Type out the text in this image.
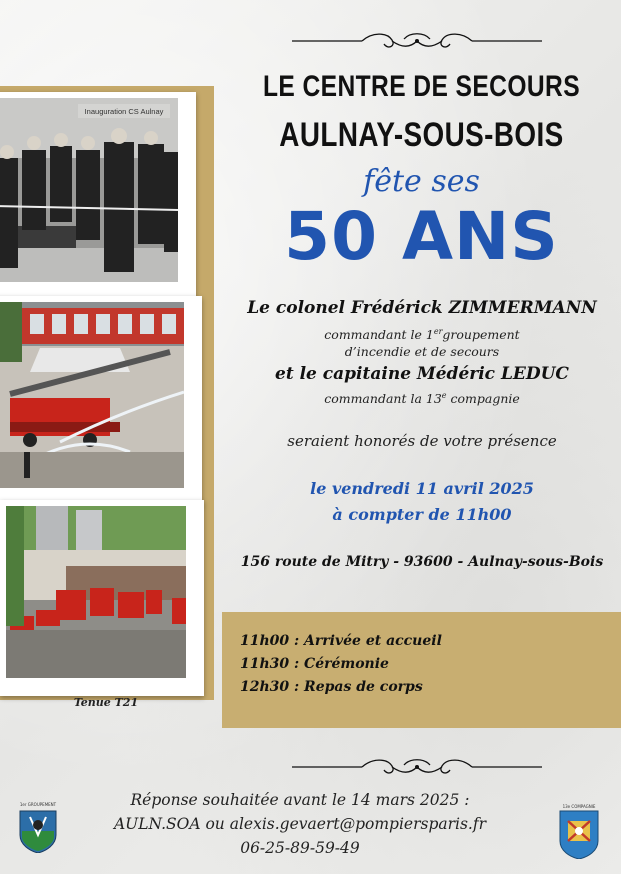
Inauguration CS Aulnay
Tenue T21
LE CENTRE DE SECOURS
AULNAY-SOUS-BOIS
fête ses
50 ANS
Le colonel Frédérick ZIMMERMANN
commandant le 1ergroupement
d’incendie et de secours
et le capitaine Médéric LEDUC
commandant la 13e compagnie
seraient honorés de votre présence
le vendredi 11 avril 2025
à compter de 11h00
156 route de Mitry - 93600 - Aulnay-sous-Bois
11h00 : Arrivée et accueil
11h30 : Cérémonie
12h30 : Repas de corps
Réponse souhaitée avant le 14 mars 2025 :
AULN.SOA ou alexis.gevaert@pompiersparis.fr
06-25-89-59-49
1er GROUPEMENT	13e COMPAGNIE
